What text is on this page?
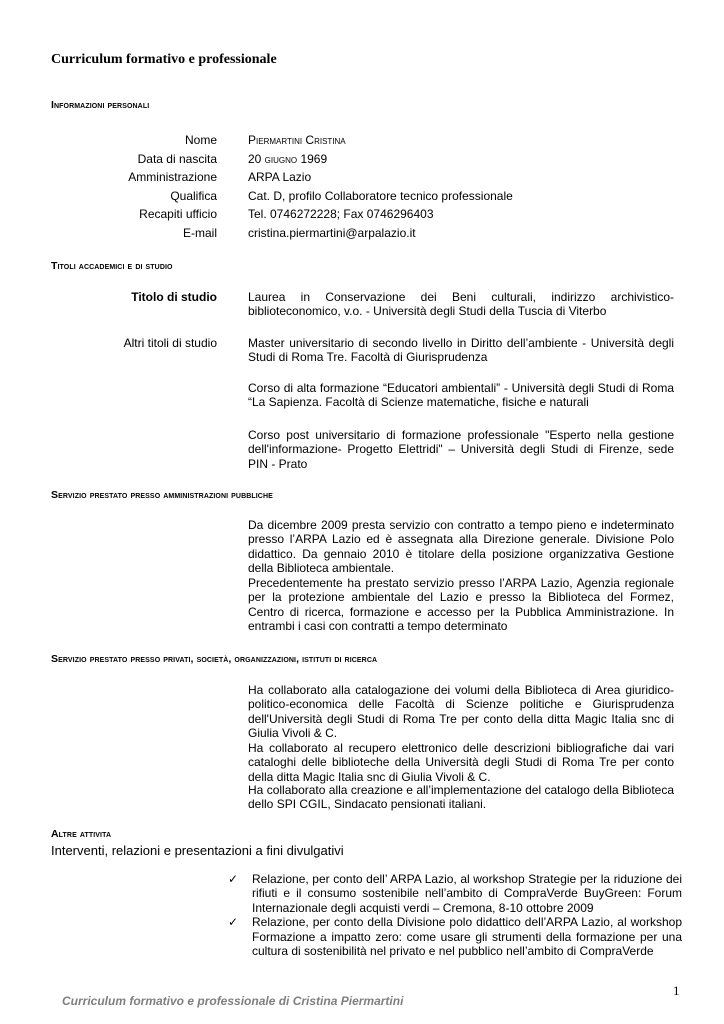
Curriculum formativo e professionale
Informazioni personali
Nome	Piermartini Cristina
Data di nascita	20 giugno 1969
Amministrazione	ARPA Lazio
Qualifica	Cat. D, profilo Collaboratore tecnico professionale
Recapiti ufficio	Tel. 0746272228; Fax 0746296403
E-mail	cristina.piermartini@arpalazio.it
Titoli accademici e di studio
Titolo di studio	Laurea in Conservazione dei Beni culturali, indirizzo archivistico-biblioteconomico, v.o. - Università degli Studi della Tuscia di Viterbo
Altri titoli di studio	Master universitario di secondo livello in Diritto dell’ambiente - Università degli Studi di Roma Tre. Facoltà di Giurisprudenza
Corso di alta formazione “Educatori ambientali” - Università degli Studi di Roma “La Sapienza. Facoltà di Scienze matematiche, fisiche e naturali
Corso post universitario di formazione professionale "Esperto nella gestione dell'informazione- Progetto Elettridi" – Università degli Studi di Firenze, sede PIN - Prato
Servizio prestato presso amministrazioni pubbliche
Da dicembre 2009 presta servizio con contratto a tempo pieno e indeterminato presso l’ARPA Lazio ed è assegnata alla Direzione generale. Divisione Polo didattico. Da gennaio 2010 è titolare della posizione organizzativa Gestione della Biblioteca ambientale.
Precedentemente ha prestato servizio presso l’ARPA Lazio, Agenzia regionale per la protezione ambientale del Lazio e presso la Biblioteca del Formez, Centro di ricerca, formazione e accesso per la Pubblica Amministrazione. In entrambi i casi con contratti a tempo determinato
Servizio prestato presso privati, società, organizzazioni, istituti di ricerca
Ha collaborato alla catalogazione dei volumi della Biblioteca di Area giuridico-politico-economica delle Facoltà di Scienze politiche e Giurisprudenza dell'Università degli Studi di Roma Tre per conto della ditta Magic Italia snc di Giulia Vivoli & C.
Ha collaborato al recupero elettronico delle descrizioni bibliografiche dai vari cataloghi delle biblioteche della Università degli Studi di Roma Tre per conto della ditta Magic Italia snc di Giulia Vivoli & C.
Ha collaborato alla creazione e all’implementazione del catalogo della Biblioteca dello SPI CGIL, Sindacato pensionati italiani.
Altre attivita
Interventi, relazioni e presentazioni a fini divulgativi
✓ Relazione, per conto dell’ ARPA Lazio, al workshop Strategie per la riduzione dei rifiuti e il consumo sostenibile nell’ambito di CompraVerde BuyGreen: Forum Internazionale degli acquisti verdi – Cremona, 8-10 ottobre 2009
✓ Relazione, per conto della Divisione polo didattico dell’ARPA Lazio, al workshop Formazione a impatto zero: come usare gli strumenti della formazione per una cultura di sostenibilità nel privato e nel pubblico nell’ambito di CompraVerde
1
Curriculum formativo e professionale di Cristina Piermartini
